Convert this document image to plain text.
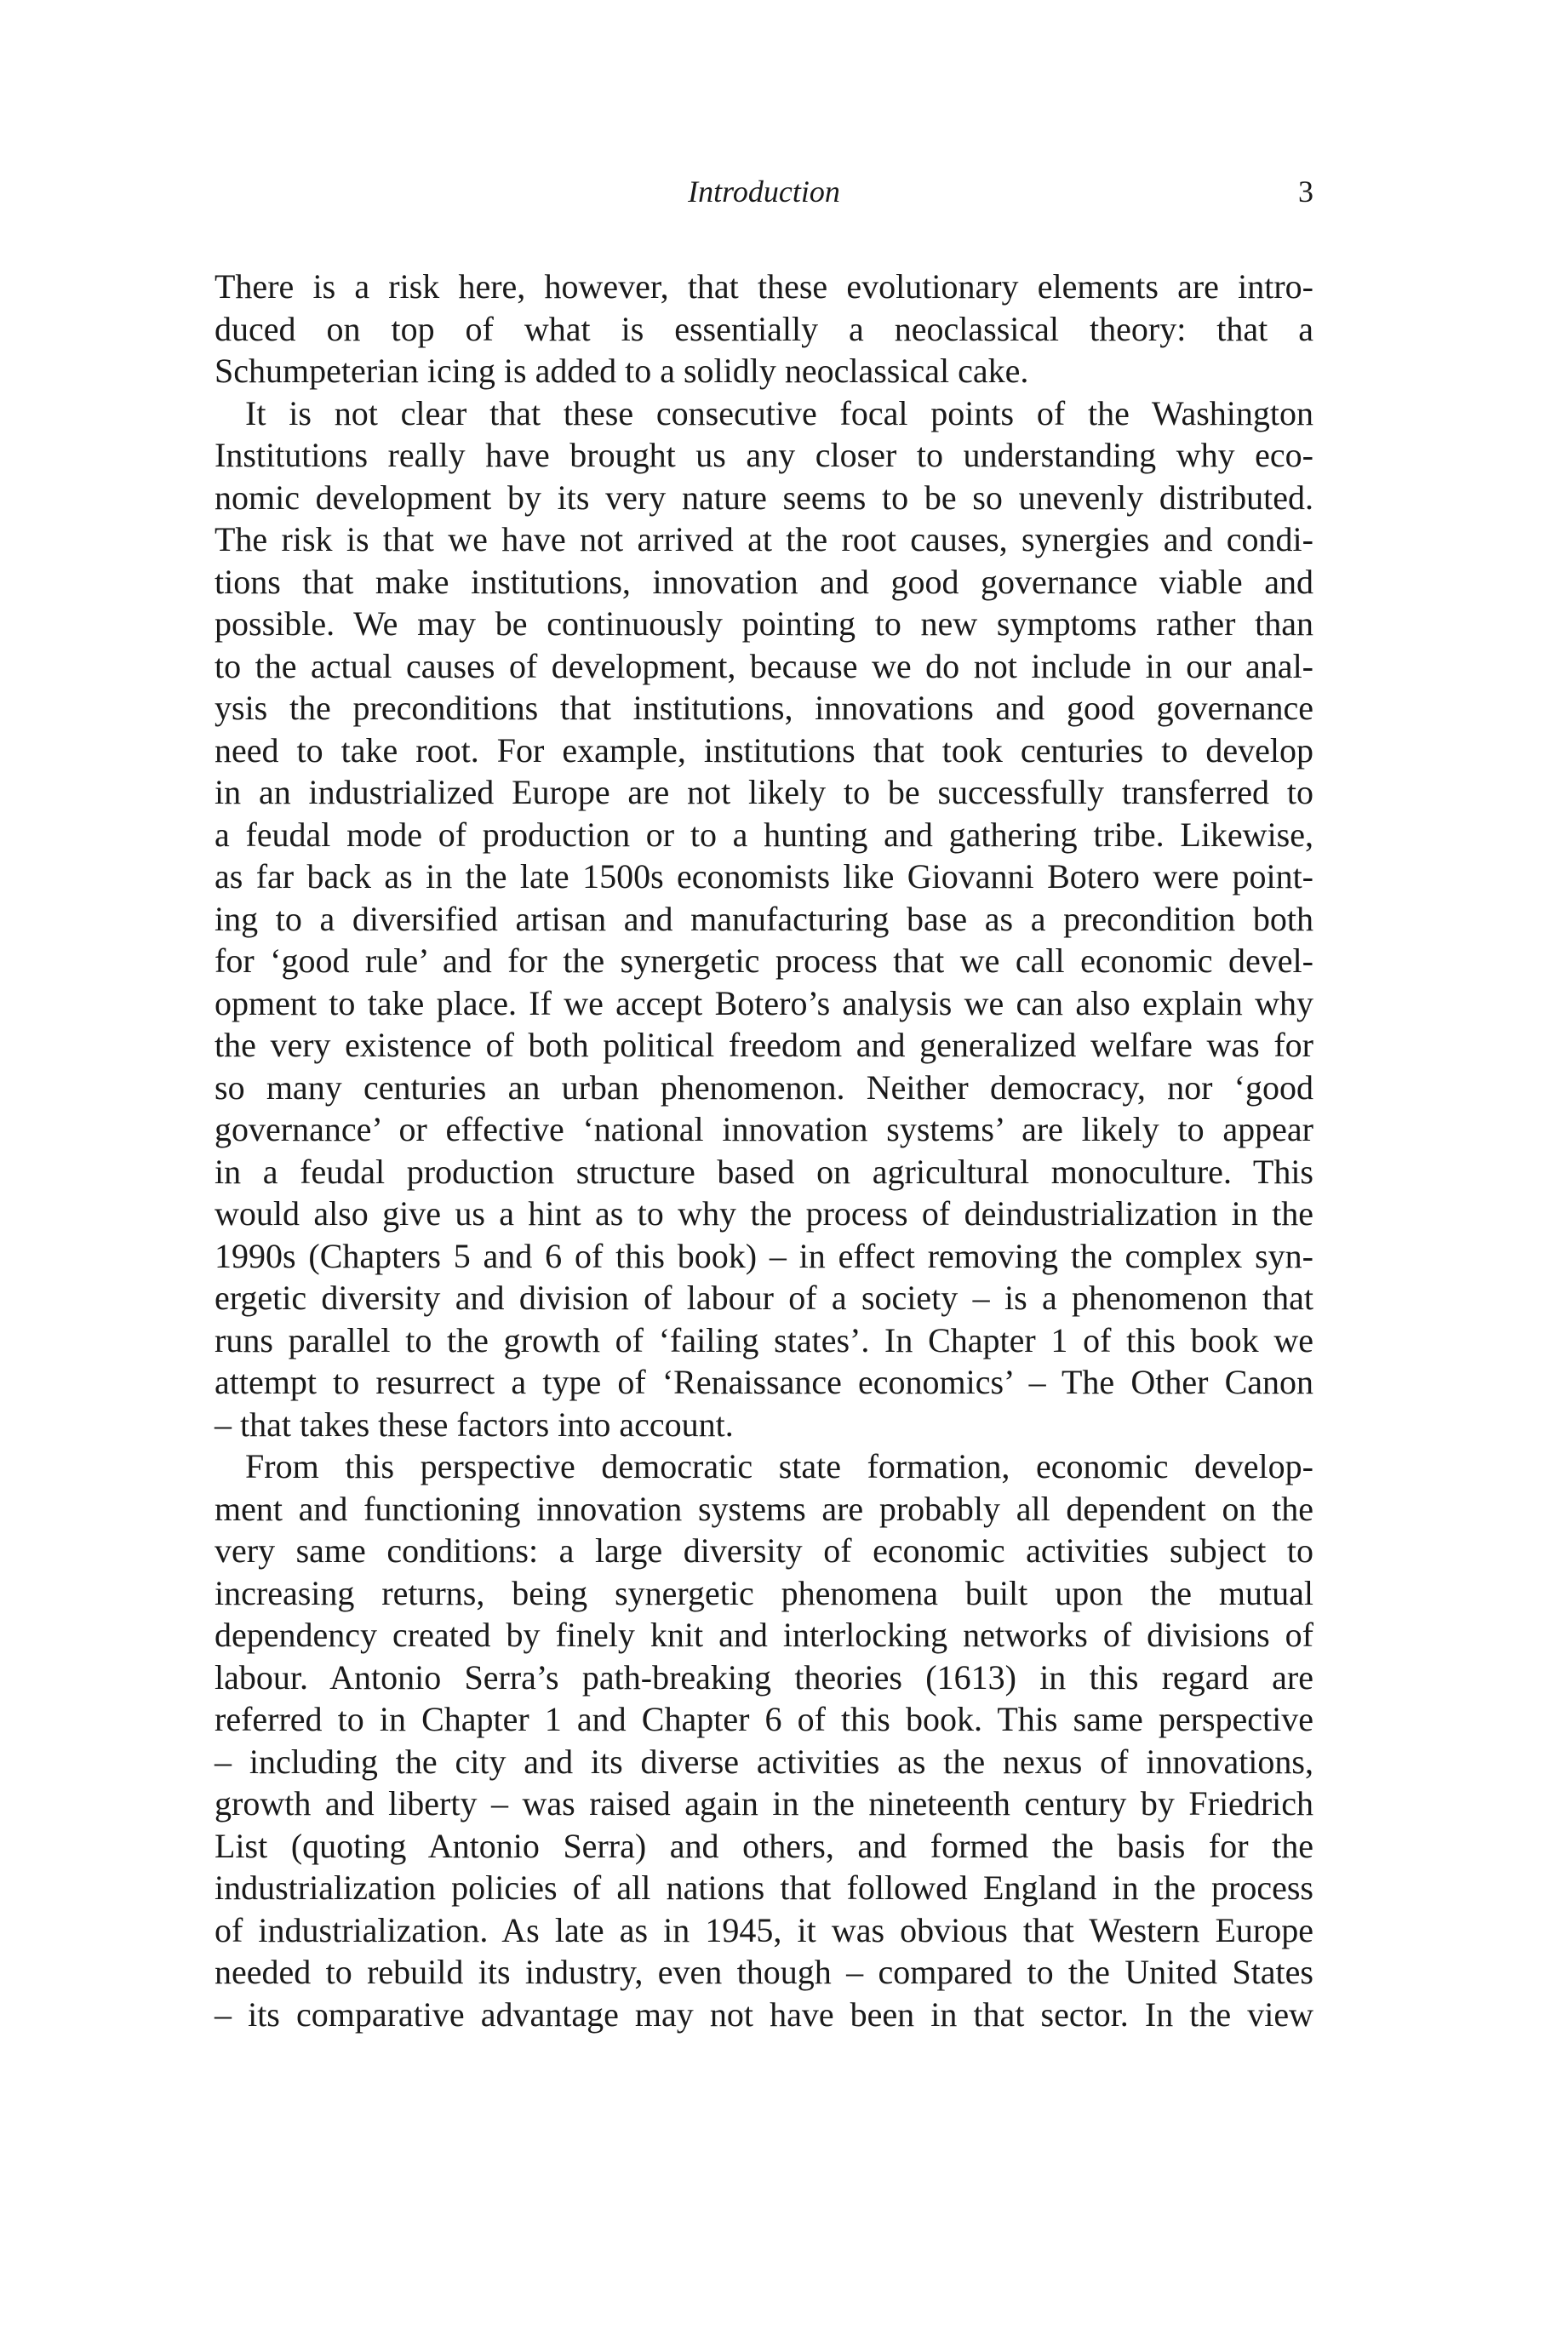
Introduction	3
There is a risk here, however, that these evolutionary elements are intro-
duced on top of what is essentially a neoclassical theory: that a
Schumpeterian icing is added to a solidly neoclassical cake.
It is not clear that these consecutive focal points of the Washington
Institutions really have brought us any closer to understanding why eco-
nomic development by its very nature seems to be so unevenly distributed.
The risk is that we have not arrived at the root causes, synergies and condi-
tions that make institutions, innovation and good governance viable and
possible. We may be continuously pointing to new symptoms rather than
to the actual causes of development, because we do not include in our anal-
ysis the preconditions that institutions, innovations and good governance
need to take root. For example, institutions that took centuries to develop
in an industrialized Europe are not likely to be successfully transferred to
a feudal mode of production or to a hunting and gathering tribe. Likewise,
as far back as in the late 1500s economists like Giovanni Botero were point-
ing to a diversified artisan and manufacturing base as a precondition both
for ‘good rule’ and for the synergetic process that we call economic devel-
opment to take place. If we accept Botero’s analysis we can also explain why
the very existence of both political freedom and generalized welfare was for
so many centuries an urban phenomenon. Neither democracy, nor ‘good
governance’ or effective ‘national innovation systems’ are likely to appear
in a feudal production structure based on agricultural monoculture. This
would also give us a hint as to why the process of deindustrialization in the
1990s (Chapters 5 and 6 of this book) – in effect removing the complex syn-
ergetic diversity and division of labour of a society – is a phenomenon that
runs parallel to the growth of ‘failing states’. In Chapter 1 of this book we
attempt to resurrect a type of ‘Renaissance economics’ – The Other Canon
– that takes these factors into account.
From this perspective democratic state formation, economic develop-
ment and functioning innovation systems are probably all dependent on the
very same conditions: a large diversity of economic activities subject to
increasing returns, being synergetic phenomena built upon the mutual
dependency created by finely knit and interlocking networks of divisions of
labour. Antonio Serra’s path-breaking theories (1613) in this regard are
referred to in Chapter 1 and Chapter 6 of this book. This same perspective
– including the city and its diverse activities as the nexus of innovations,
growth and liberty – was raised again in the nineteenth century by Friedrich
List (quoting Antonio Serra) and others, and formed the basis for the
industrialization policies of all nations that followed England in the process
of industrialization. As late as in 1945, it was obvious that Western Europe
needed to rebuild its industry, even though – compared to the United States
– its comparative advantage may not have been in that sector. In the view
